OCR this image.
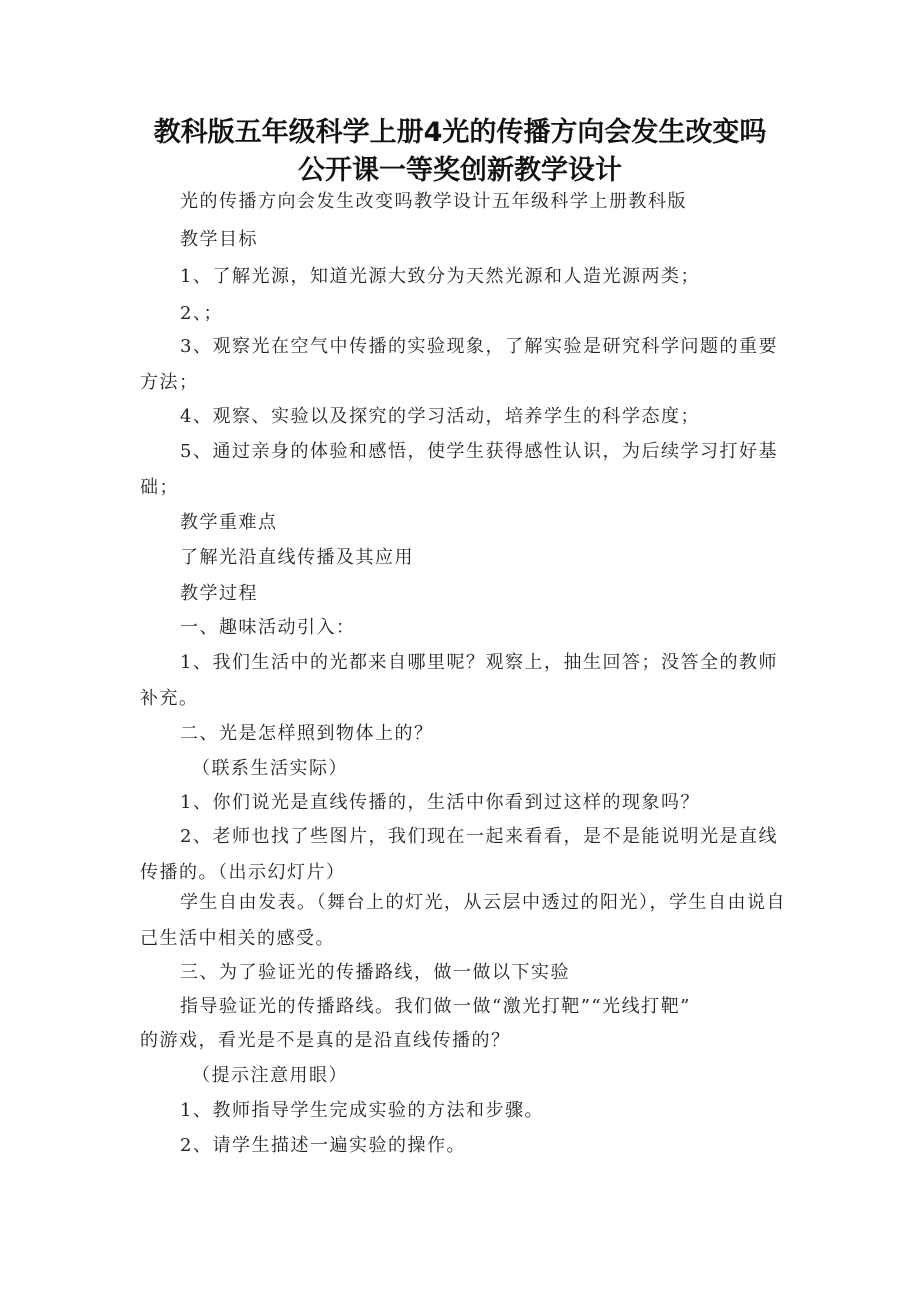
教科版五年级科学上册4光的传播方向会发生改变吗
公开课一等奖创新教学设计
光的传播方向会发生改变吗教学设计五年级科学上册教科版
教学目标
1、了解光源，知道光源大致分为天然光源和人造光源两类；
2、；
3、观察光在空气中传播的实验现象，了解实验是研究科学问题的重要方法；
4、观察、实验以及探究的学习活动，培养学生的科学态度；
5、通过亲身的体验和感悟，使学生获得感性认识，为后续学习打好基础；
教学重难点
了解光沿直线传播及其应用
教学过程
一、趣味活动引入：
1、我们生活中的光都来自哪里呢？观察上，抽生回答；没答全的教师补充。
二、光是怎样照到物体上的？
（联系生活实际）
1、你们说光是直线传播的，生活中你看到过这样的现象吗？
2、老师也找了些图片，我们现在一起来看看，是不是能说明光是直线传播的。（出示幻灯片）
学生自由发表。（舞台上的灯光，从云层中透过的阳光），学生自由说自己生活中相关的感受。
三、为了验证光的传播路线，做一做以下实验
指导验证光的传播路线。我们做一做“激光打靶”“光线打靶”
的游戏，看光是不是真的是沿直线传播的？
（提示注意用眼）
1、教师指导学生完成实验的方法和步骤。
2、请学生描述一遍实验的操作。
